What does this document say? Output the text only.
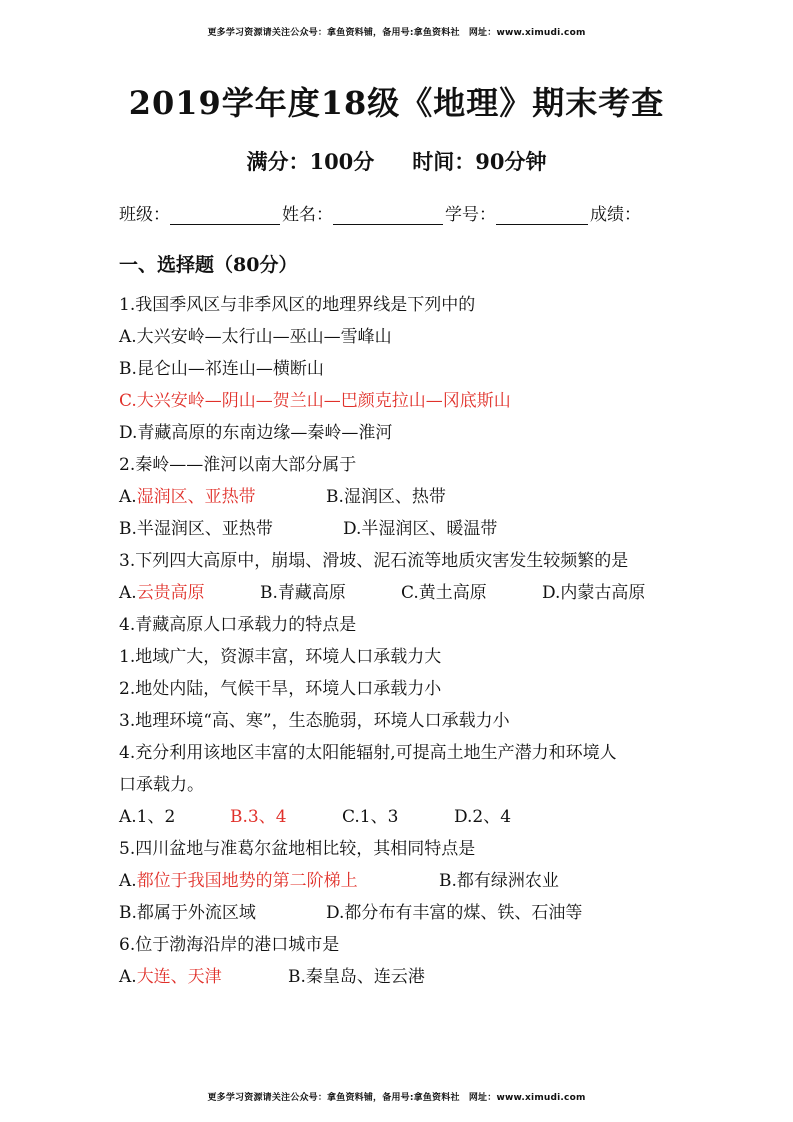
更多学习资源请关注公众号：拿鱼资料铺，备用号:拿鱼资料社　网址：www.ximudi.com
2019学年度18级《地理》期末考查
满分：100分 时间：90分钟
班级：	姓名：	学号：	成绩：
一、选择题（80分）
1.我国季风区与非季风区的地理界线是下列中的
A.大兴安岭—太行山—巫山—雪峰山
B.昆仑山—祁连山—横断山
C.大兴安岭—阴山—贺兰山—巴颜克拉山—冈底斯山
D.青藏高原的东南边缘—秦岭—淮河
2.秦岭——淮河以南大部分属于
A.湿润区、亚热带	B.湿润区、热带
B.半湿润区、亚热带	D.半湿润区、暖温带
3.下列四大高原中，崩塌、滑坡、泥石流等地质灾害发生较频繁的是
A.云贵高原	B.青藏高原	C.黄土高原	D.内蒙古高原
4.青藏高原人口承载力的特点是
1.地域广大，资源丰富，环境人口承载力大
2.地处内陆，气候干旱，环境人口承载力小
3.地理环境“高、寒”，生态脆弱，环境人口承载力小
4.充分利用该地区丰富的太阳能辐射,可提高土地生产潜力和环境人
口承载力。
A.1、2	B.3、4	C.1、3	D.2、4
5.四川盆地与准葛尔盆地相比较，其相同特点是
A.都位于我国地势的第二阶梯上	B.都有绿洲农业
B.都属于外流区域	D.都分布有丰富的煤、铁、石油等
6.位于渤海沿岸的港口城市是
A.大连、天津	B.秦皇岛、连云港
更多学习资源请关注公众号：拿鱼资料铺，备用号:拿鱼资料社　网址：www.ximudi.com
